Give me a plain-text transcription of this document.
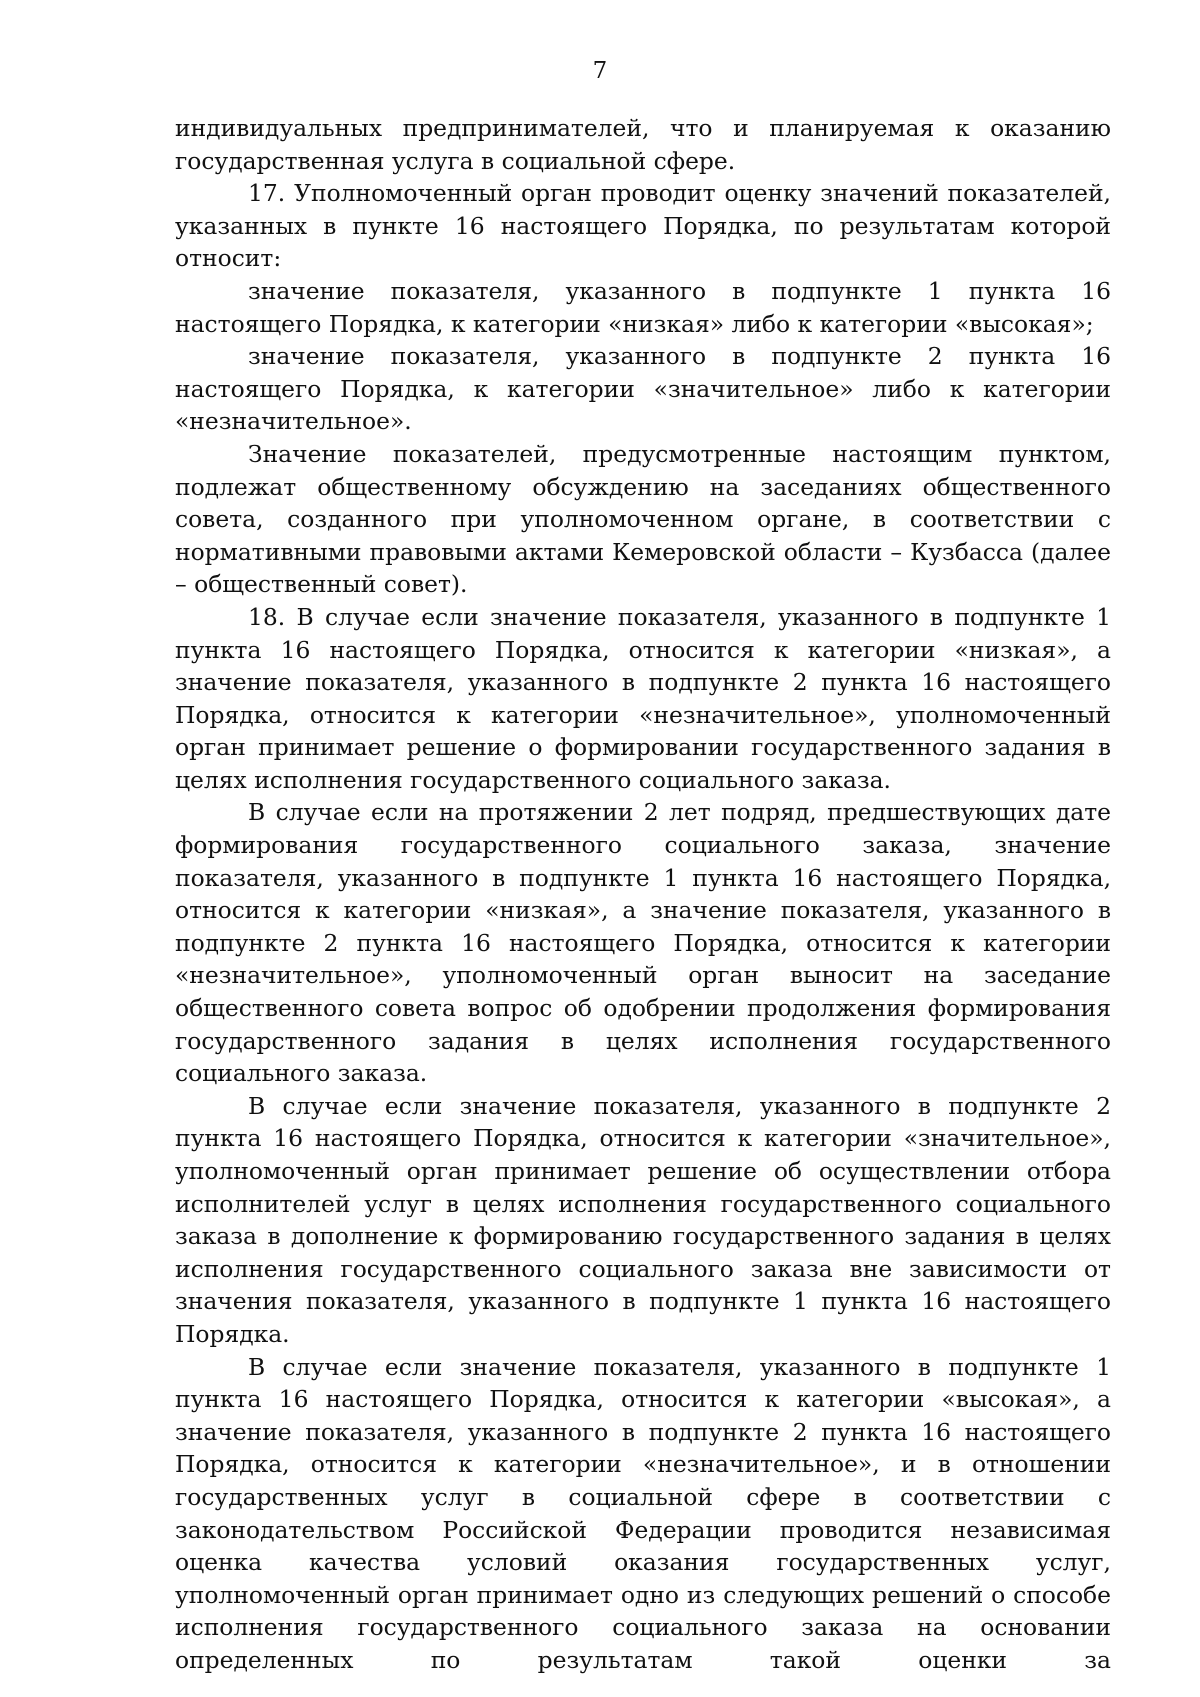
7

индивидуальных предпринимателей, что и планируемая к оказанию государственная услуга в социальной сфере.

17. Уполномоченный орган проводит оценку значений показателей, указанных в пункте 16 настоящего Порядка, по результатам которой относит:

значение показателя, указанного в подпункте 1 пункта 16 настоящего Порядка, к категории «низкая» либо к категории «высокая»;

значение показателя, указанного в подпункте 2 пункта 16 настоящего Порядка, к категории «значительное» либо к категории «незначительное».

Значение показателей, предусмотренные настоящим пунктом, подлежат общественному обсуждению на заседаниях общественного совета, созданного при уполномоченном органе, в соответствии с нормативными правовыми актами Кемеровской области – Кузбасса (далее – общественный совет).

18. В случае если значение показателя, указанного в подпункте 1 пункта 16 настоящего Порядка, относится к категории «низкая», а значение показателя, указанного в подпункте 2 пункта 16 настоящего Порядка, относится к категории «незначительное», уполномоченный орган принимает решение о формировании государственного задания в целях исполнения государственного социального заказа.

В случае если на протяжении 2 лет подряд, предшествующих дате формирования государственного социального заказа, значение показателя, указанного в подпункте 1 пункта 16 настоящего Порядка, относится к категории «низкая», а значение показателя, указанного в подпункте 2 пункта 16 настоящего Порядка, относится к категории «незначительное», уполномоченный орган выносит на заседание общественного совета вопрос об одобрении продолжения формирования государственного задания в целях исполнения государственного социального заказа.

В случае если значение показателя, указанного в подпункте 2 пункта 16 настоящего Порядка, относится к категории «значительное», уполномоченный орган принимает решение об осуществлении отбора исполнителей услуг в целях исполнения государственного социального заказа в дополнение к формированию государственного задания в целях исполнения государственного социального заказа вне зависимости от значения показателя, указанного в подпункте 1 пункта 16 настоящего Порядка.

В случае если значение показателя, указанного в подпункте 1 пункта 16 настоящего Порядка, относится к категории «высокая», а значение показателя, указанного в подпункте 2 пункта 16 настоящего Порядка, относится к категории «незначительное», и в отношении государственных услуг в социальной сфере в соответствии с законодательством Российской Федерации проводится независимая оценка качества условий оказания государственных услуг, уполномоченный орган принимает одно из следующих решений о способе исполнения государственного социального заказа на основании определенных по результатам такой оценки за
